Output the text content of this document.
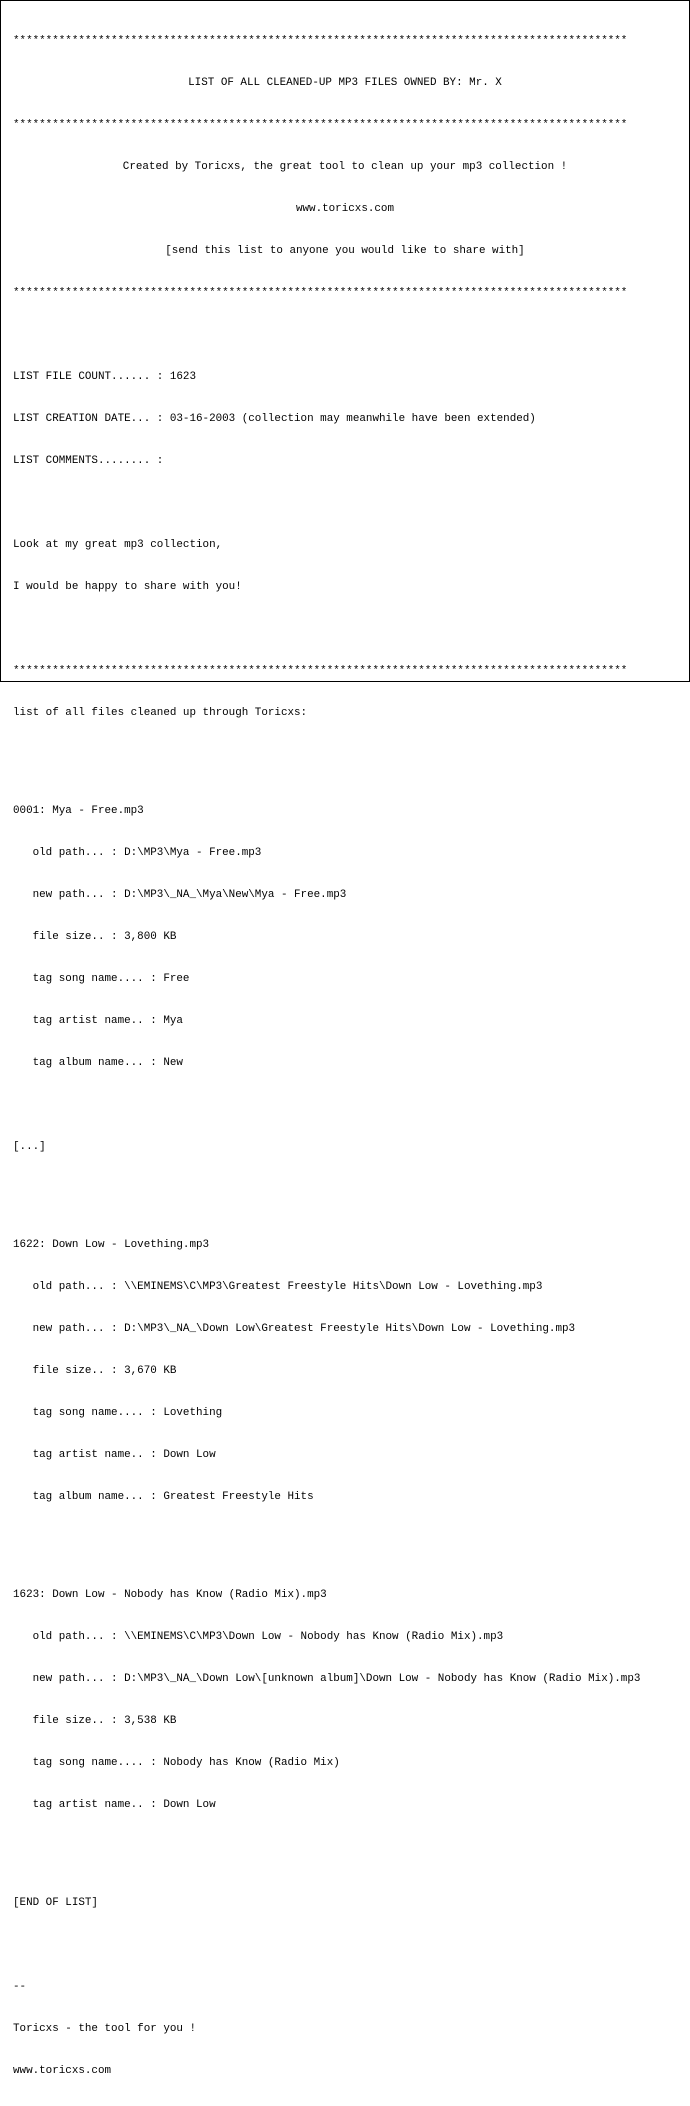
**********************************************************************************************

LIST OF ALL CLEANED-UP MP3 FILES OWNED BY: Mr. X

**********************************************************************************************

Created by Toricxs, the great tool to clean up your mp3 collection !

www.toricxs.com

[send this list to anyone you would like to share with]

**********************************************************************************************

LIST FILE COUNT...... : 1623

LIST CREATION DATE... : 03-16-2003 (collection may meanwhile have been extended)

LIST COMMENTS........ :

Look at my great mp3 collection,

I would be happy to share with you!

**********************************************************************************************

list of all files cleaned up through Toricxs:

0001: Mya - Free.mp3

old path... : D:\MP3\Mya - Free.mp3

new path... : D:\MP3\_NA_\Mya\New\Mya - Free.mp3

file size.. : 3,800 KB

tag song name.... : Free

tag artist name.. : Mya

tag album name... : New

[...]

1622: Down Low - Lovething.mp3

old path... : \\EMINEMS\C\MP3\Greatest Freestyle Hits\Down Low - Lovething.mp3

new path... : D:\MP3\_NA_\Down Low\Greatest Freestyle Hits\Down Low - Lovething.mp3

file size.. : 3,670 KB

tag song name.... : Lovething

tag artist name.. : Down Low

tag album name... : Greatest Freestyle Hits

1623: Down Low - Nobody has Know (Radio Mix).mp3

old path... : \\EMINEMS\C\MP3\Down Low - Nobody has Know (Radio Mix).mp3

new path... : D:\MP3\_NA_\Down Low\[unknown album]\Down Low - Nobody has Know (Radio Mix).mp3

file size.. : 3,538 KB

tag song name.... : Nobody has Know (Radio Mix)

tag artist name.. : Down Low

[END OF LIST]

--

Toricxs - the tool for you !

www.toricxs.com
